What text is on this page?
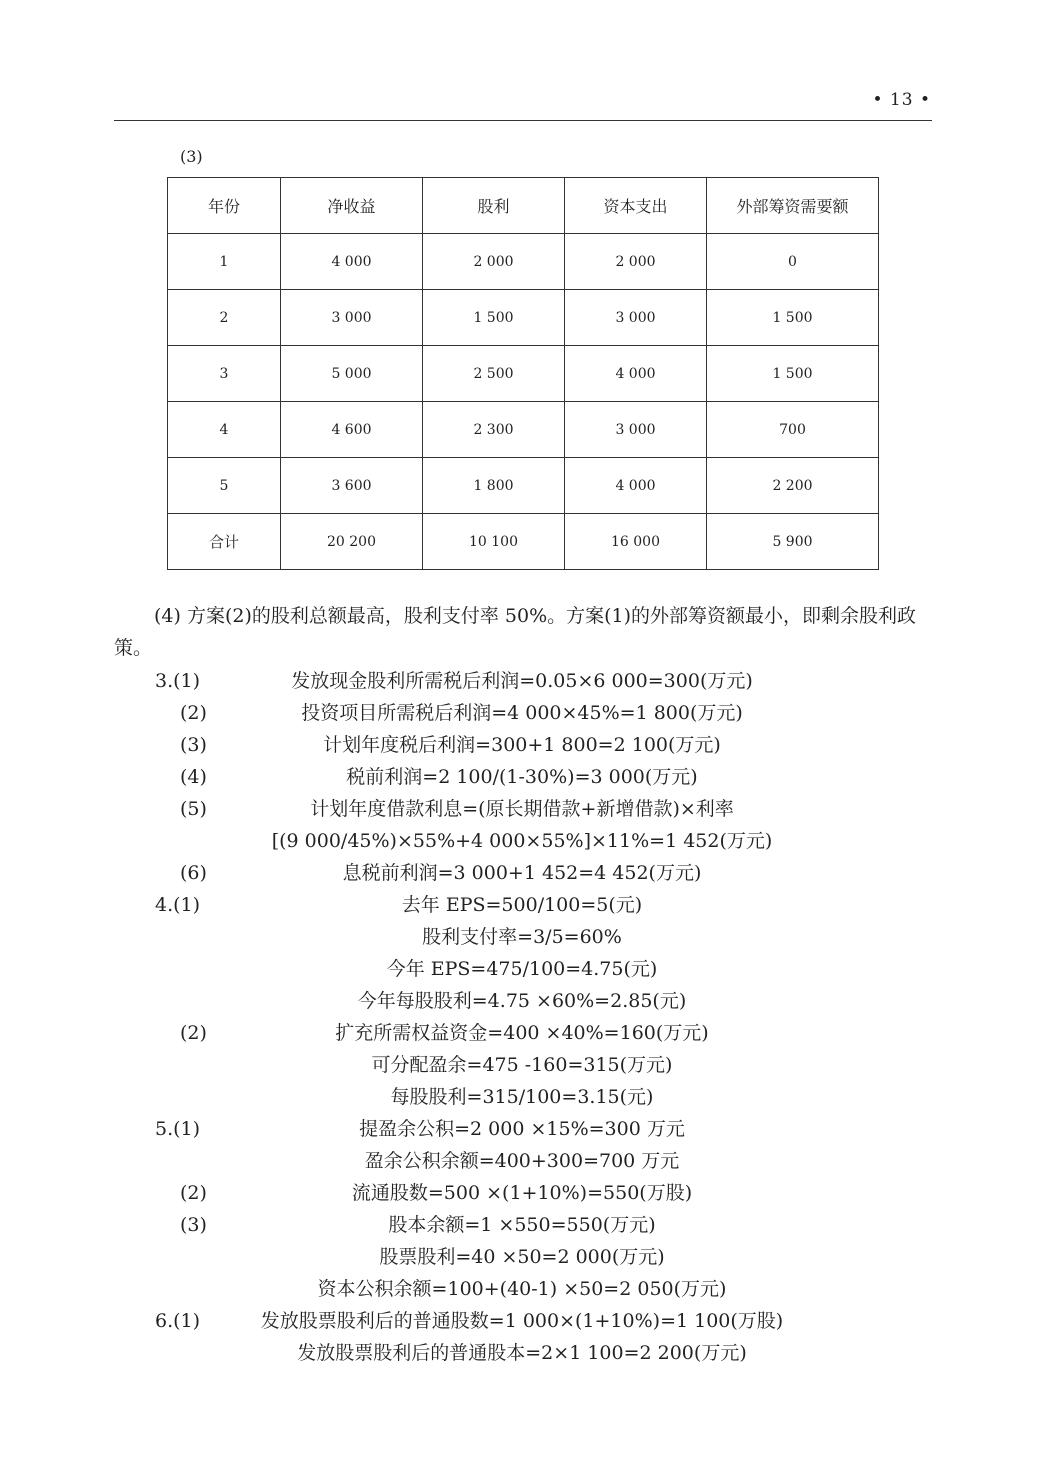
• 13 •
(3)
年份	净收益	股利	资本支出	外部筹资需要额
1	4 000	2 000	2 000	0
2	3 000	1 500	3 000	1 500
3	5 000	2 500	4 000	1 500
4	4 600	2 300	3 000	700
5	3 600	1 800	4 000	2 200
合计	20 200	10 100	16 000	5 900
(4) 方案(2)的股利总额最高，股利支付率 50%。方案(1)的外部筹资额最小，即剩余股利政策。
3.(1)	发放现金股利所需税后利润=0.05×6 000=300(万元)
(2)	投资项目所需税后利润=4 000×45%=1 800(万元)
(3)	计划年度税后利润=300+1 800=2 100(万元)
(4)	税前利润=2 100/(1-30%)=3 000(万元)
(5)	计划年度借款利息=(原长期借款+新增借款)×利率
[(9 000/45%)×55%+4 000×55%]×11%=1 452(万元)
(6)	息税前利润=3 000+1 452=4 452(万元)
4.(1)	去年 EPS=500/100=5(元)
股利支付率=3/5=60%
今年 EPS=475/100=4.75(元)
今年每股股利=4.75 ×60%=2.85(元)
(2)	扩充所需权益资金=400 ×40%=160(万元)
可分配盈余=475 -160=315(万元)
每股股利=315/100=3.15(元)
5.(1)	提盈余公积=2 000 ×15%=300 万元
盈余公积余额=400+300=700 万元
(2)	流通股数=500 ×(1+10%)=550(万股)
(3)	股本余额=1 ×550=550(万元)
股票股利=40 ×50=2 000(万元)
资本公积余额=100+(40-1) ×50=2 050(万元)
6.(1)	发放股票股利后的普通股数=1 000×(1+10%)=1 100(万股)
发放股票股利后的普通股本=2×1 100=2 200(万元)
